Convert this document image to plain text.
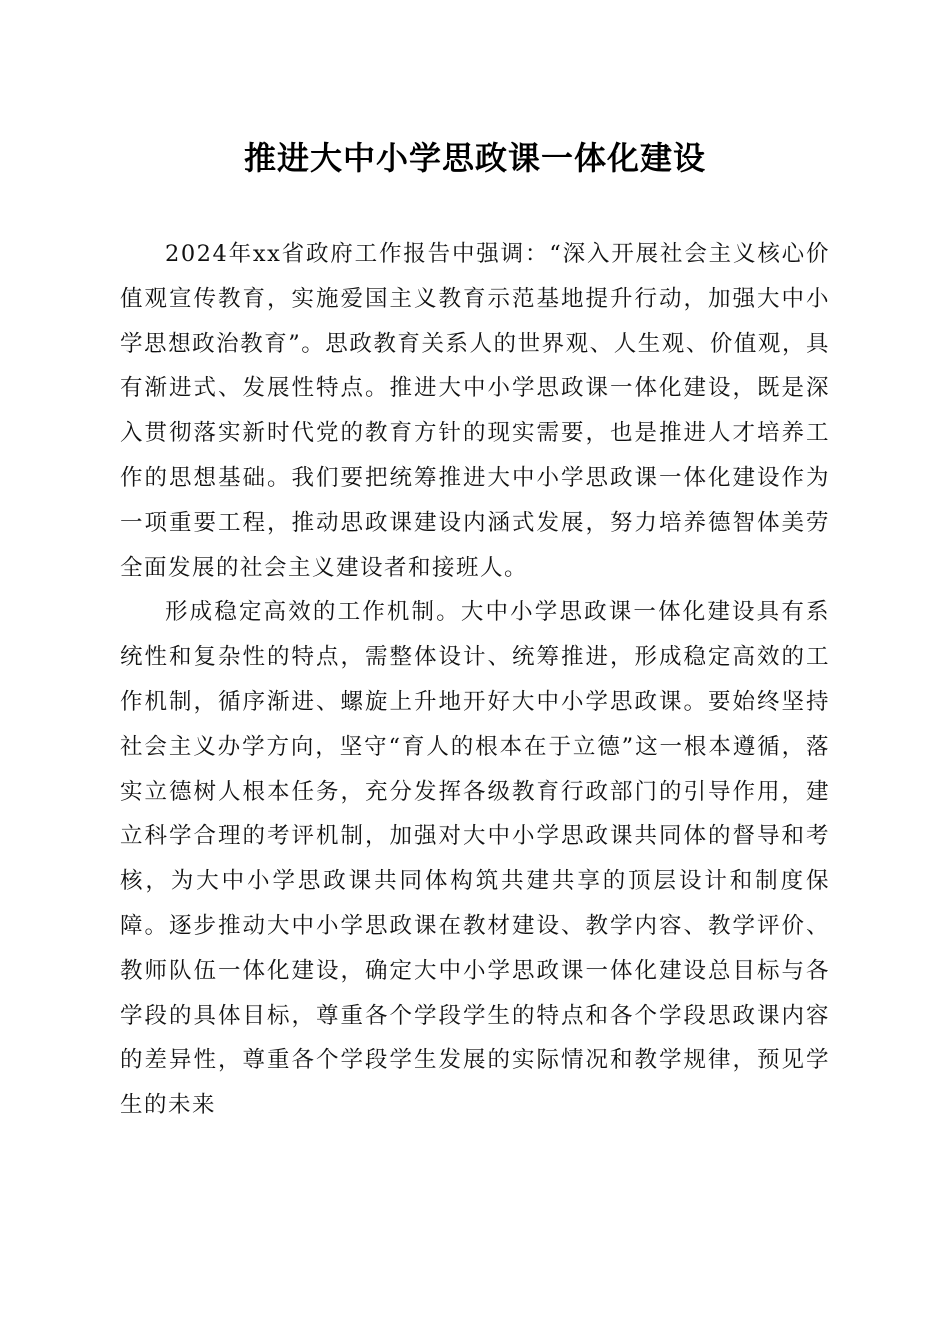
推进大中小学思政课一体化建设

2024年xx省政府工作报告中强调：“深入开展社会主义核心价值观宣传教育，实施爱国主义教育示范基地提升行动，加强大中小学思想政治教育”。思政教育关系人的世界观、人生观、价值观，具有渐进式、发展性特点。推进大中小学思政课一体化建设，既是深入贯彻落实新时代党的教育方针的现实需要，也是推进人才培养工作的思想基础。我们要把统筹推进大中小学思政课一体化建设作为一项重要工程，推动思政课建设内涵式发展，努力培养德智体美劳全面发展的社会主义建设者和接班人。

形成稳定高效的工作机制。大中小学思政课一体化建设具有系统性和复杂性的特点，需整体设计、统筹推进，形成稳定高效的工作机制，循序渐进、螺旋上升地开好大中小学思政课。要始终坚持社会主义办学方向，坚守“育人的根本在于立德”这一根本遵循，落实立德树人根本任务，充分发挥各级教育行政部门的引导作用，建立科学合理的考评机制，加强对大中小学思政课共同体的督导和考核，为大中小学思政课共同体构筑共建共享的顶层设计和制度保障。逐步推动大中小学思政课在教材建设、教学内容、教学评价、教师队伍一体化建设，确定大中小学思政课一体化建设总目标与各学段的具体目标，尊重各个学段学生的特点和各个学段思政课内容的差异性，尊重各个学段学生发展的实际情况和教学规律，预见学生的未来
